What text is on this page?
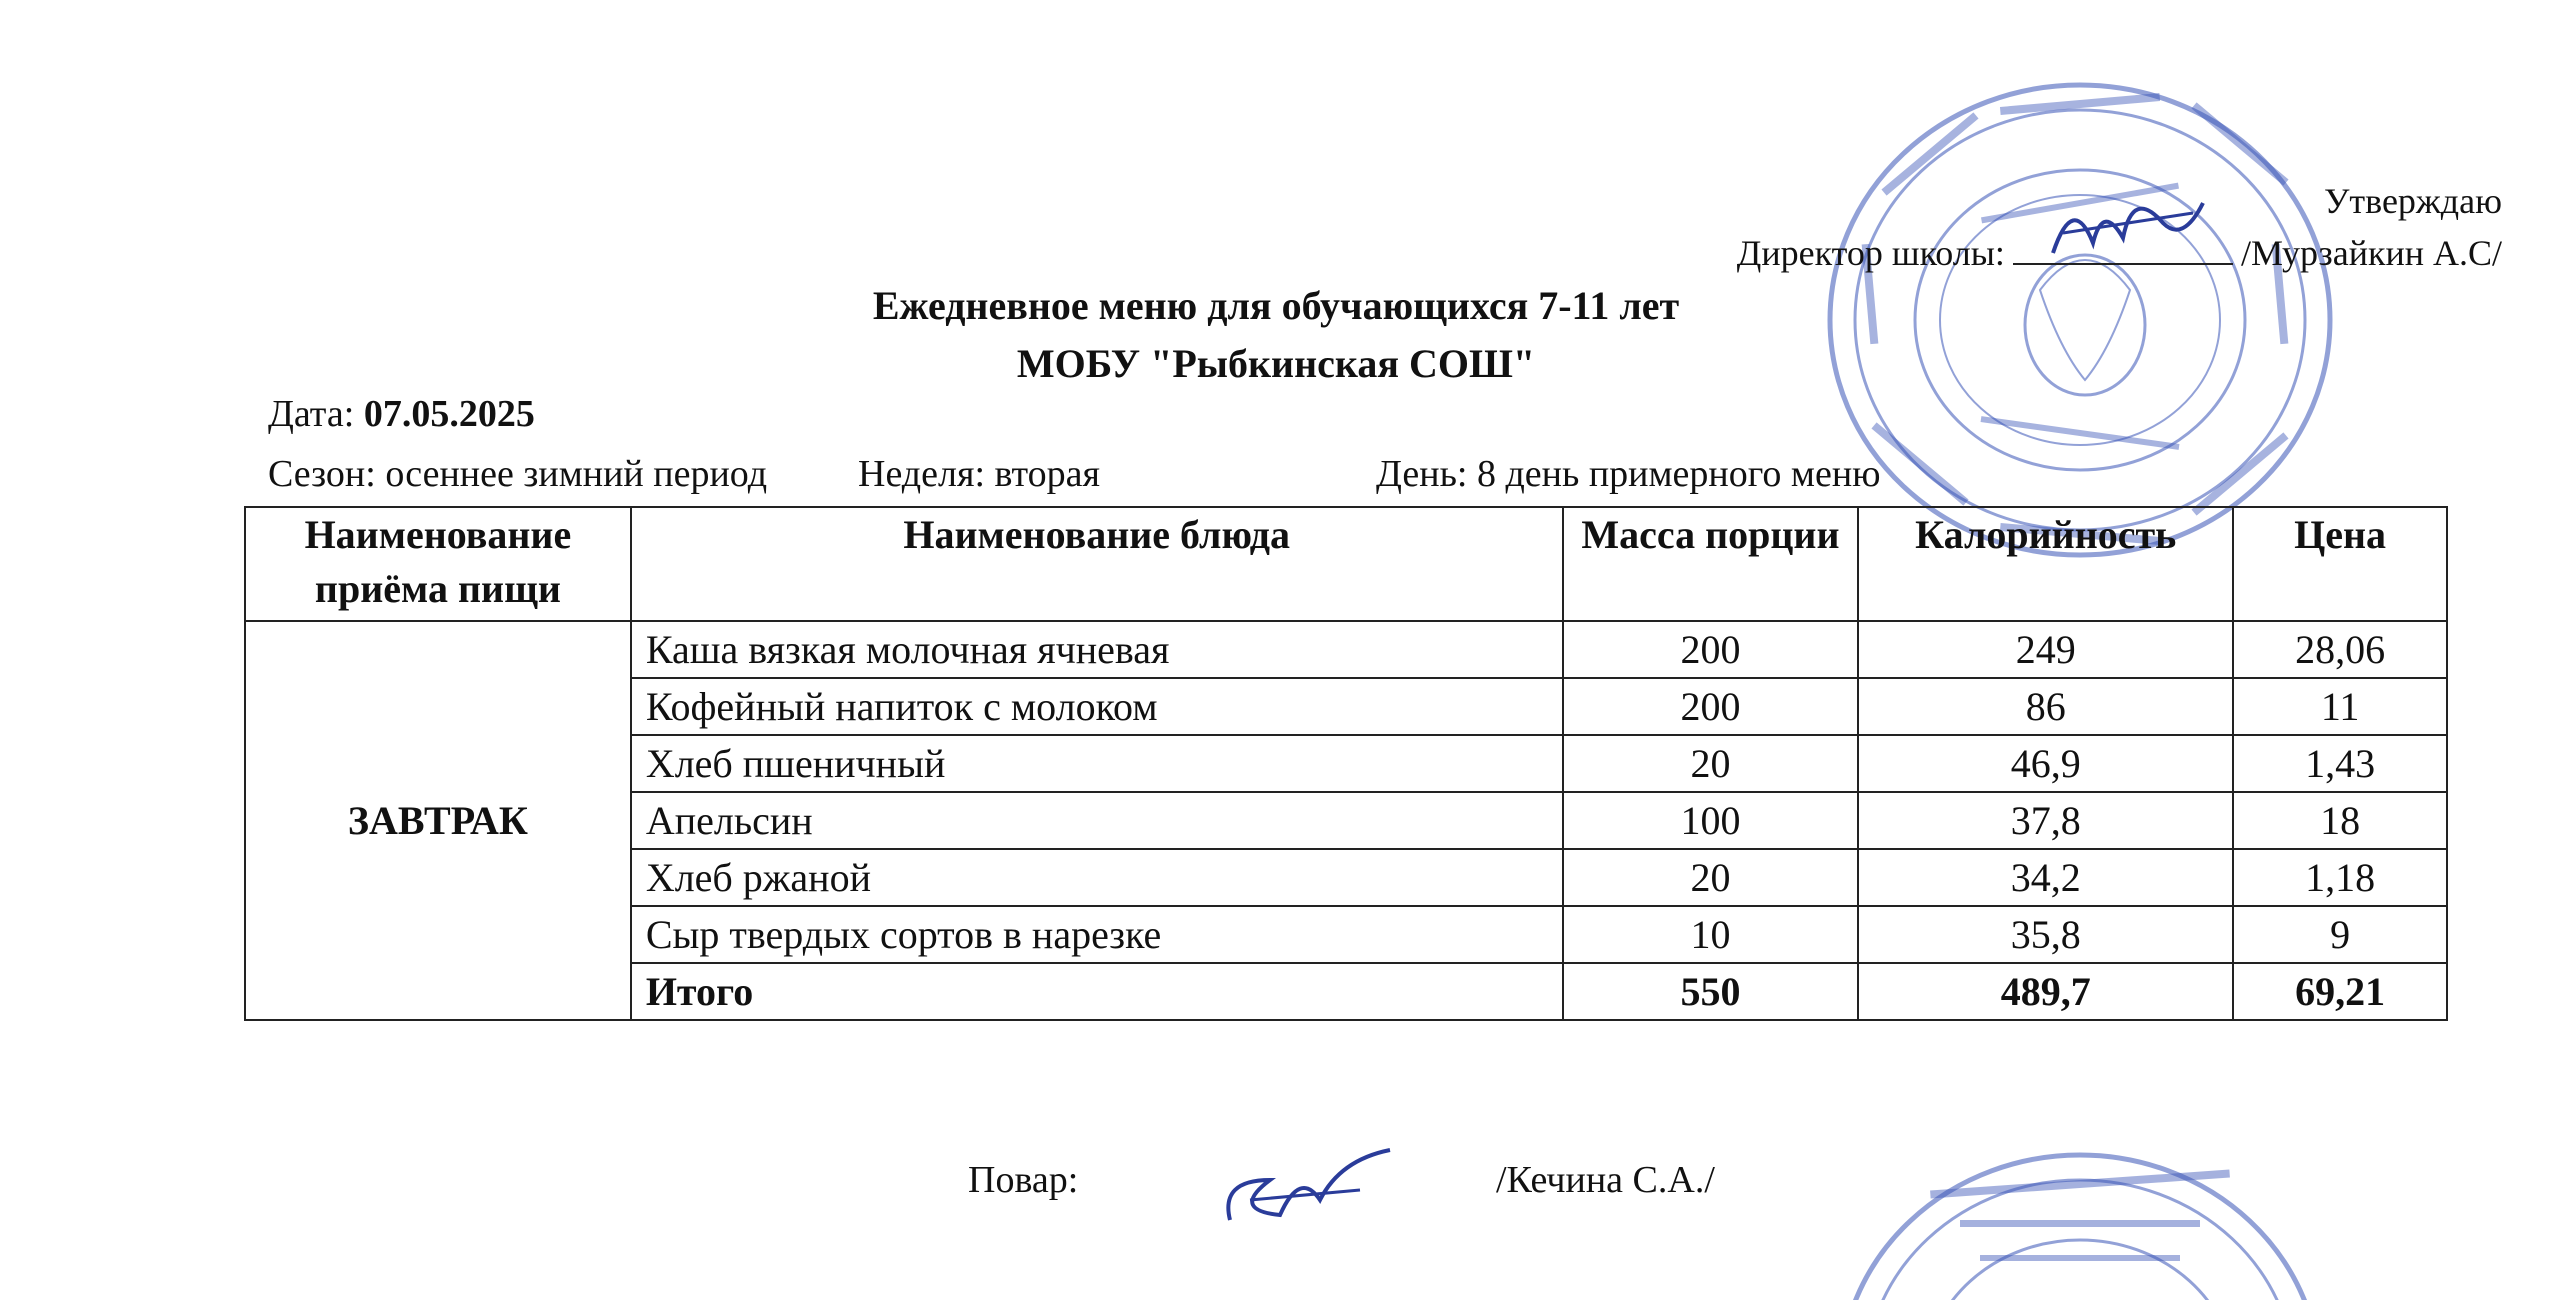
Утверждаю
Директор школы:	/Мурзайкин А.С/
Ежедневное меню для обучающихся 7-11 лет
МОБУ "Рыбкинская СОШ"
Дата: 07.05.2025
Сезон: осеннее зимний период Неделя: вторая	День: 8 день примерного меню
Наименование приёма пищи	Наименование блюда	Масса порции	Калорийность	Цена
ЗАВТРАК	Каша вязкая молочная ячневая	200	249	28,06
	Кофейный напиток с молоком	200	86	11
	Хлеб пшеничный	20	46,9	1,43
	Апельсин	100	37,8	18
	Хлеб ржаной	20	34,2	1,18
	Сыр твердых сортов в нарезке	10	35,8	9
	Итого	550	489,7	69,21
Повар:	/Кечина С.А./
